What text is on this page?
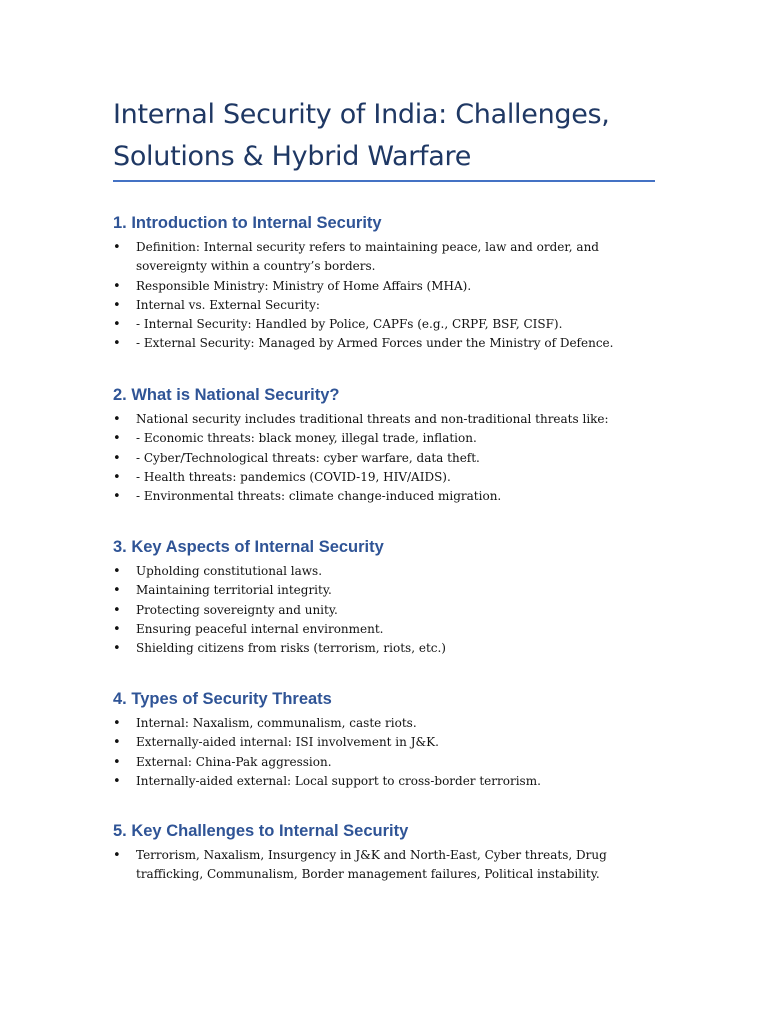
Internal Security of India: Challenges, Solutions & Hybrid Warfare
1. Introduction to Internal Security
• Definition: Internal security refers to maintaining peace, law and order, and sovereignty within a country’s borders.
• Responsible Ministry: Ministry of Home Affairs (MHA).
• Internal vs. External Security:
• - Internal Security: Handled by Police, CAPFs (e.g., CRPF, BSF, CISF).
• - External Security: Managed by Armed Forces under the Ministry of Defence.
2. What is National Security?
• National security includes traditional threats and non-traditional threats like:
• - Economic threats: black money, illegal trade, inflation.
• - Cyber/Technological threats: cyber warfare, data theft.
• - Health threats: pandemics (COVID-19, HIV/AIDS).
• - Environmental threats: climate change-induced migration.
3. Key Aspects of Internal Security
• Upholding constitutional laws.
• Maintaining territorial integrity.
• Protecting sovereignty and unity.
• Ensuring peaceful internal environment.
• Shielding citizens from risks (terrorism, riots, etc.)
4. Types of Security Threats
• Internal: Naxalism, communalism, caste riots.
• Externally-aided internal: ISI involvement in J&K.
• External: China-Pak aggression.
• Internally-aided external: Local support to cross-border terrorism.
5. Key Challenges to Internal Security
• Terrorism, Naxalism, Insurgency in J&K and North-East, Cyber threats, Drug trafficking, Communalism, Border management failures, Political instability.
